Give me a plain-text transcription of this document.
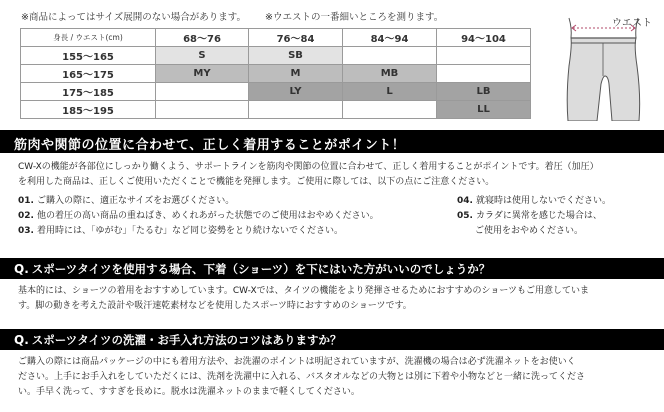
※商品によってはサイズ展開のない場合があります。 ※ウエストの一番細いところを測ります。
身長 / ウエスト(cm)	68〜76	76〜84	84〜94	94〜104
155〜165	S	SB		
165〜175	MY	M	MB	
175〜185		LY	L	LB
185〜195				LL
ウエスト
筋肉や関節の位置に合わせて、正しく着用することがポイント！
CW-Xの機能が各部位にしっかり働くよう、サポートラインを筋肉や関節の位置に合わせて、正しく着用することがポイントです。着圧（加圧）
を利用した商品は、正しくご使用いただくことで機能を発揮します。ご使用に際しては、以下の点にご注意ください。
01. ご購入の際に、適正なサイズをお選びください。
02. 他の着圧の高い商品の重ねばき、めくれあがった状態でのご使用はおやめください。
03. 着用時には、「ゆがむ」「たるむ」など同じ姿勢をとり続けないでください。
04. 就寝時は使用しないでください。
05. カラダに異常を感じた場合は、
ご使用をおやめください。
Q. スポーツタイツを使用する場合、下着（ショーツ）を下にはいた方がいいのでしょうか？
基本的には、ショーツの着用をおすすめしています。CW-Xでは、タイツの機能をより発揮させるためにおすすめのショーツもご用意していま
す。脚の動きを考えた設計や吸汗速乾素材などを使用したスポーツ時におすすめのショーツです。
Q. スポーツタイツの洗濯・お手入れ方法のコツはありますか？
ご購入の際には商品パッケージの中にも着用方法や、お洗濯のポイントは明記されていますが、洗濯機の場合は必ず洗濯ネットをお使いく
ださい。上手にお手入れをしていただくには、洗剤を洗濯中に入れる、バスタオルなどの大物とは別に下着や小物などと一緒に洗ってくださ
い。手早く洗って、すすぎを長めに。脱水は洗濯ネットのままで軽くしてください。
